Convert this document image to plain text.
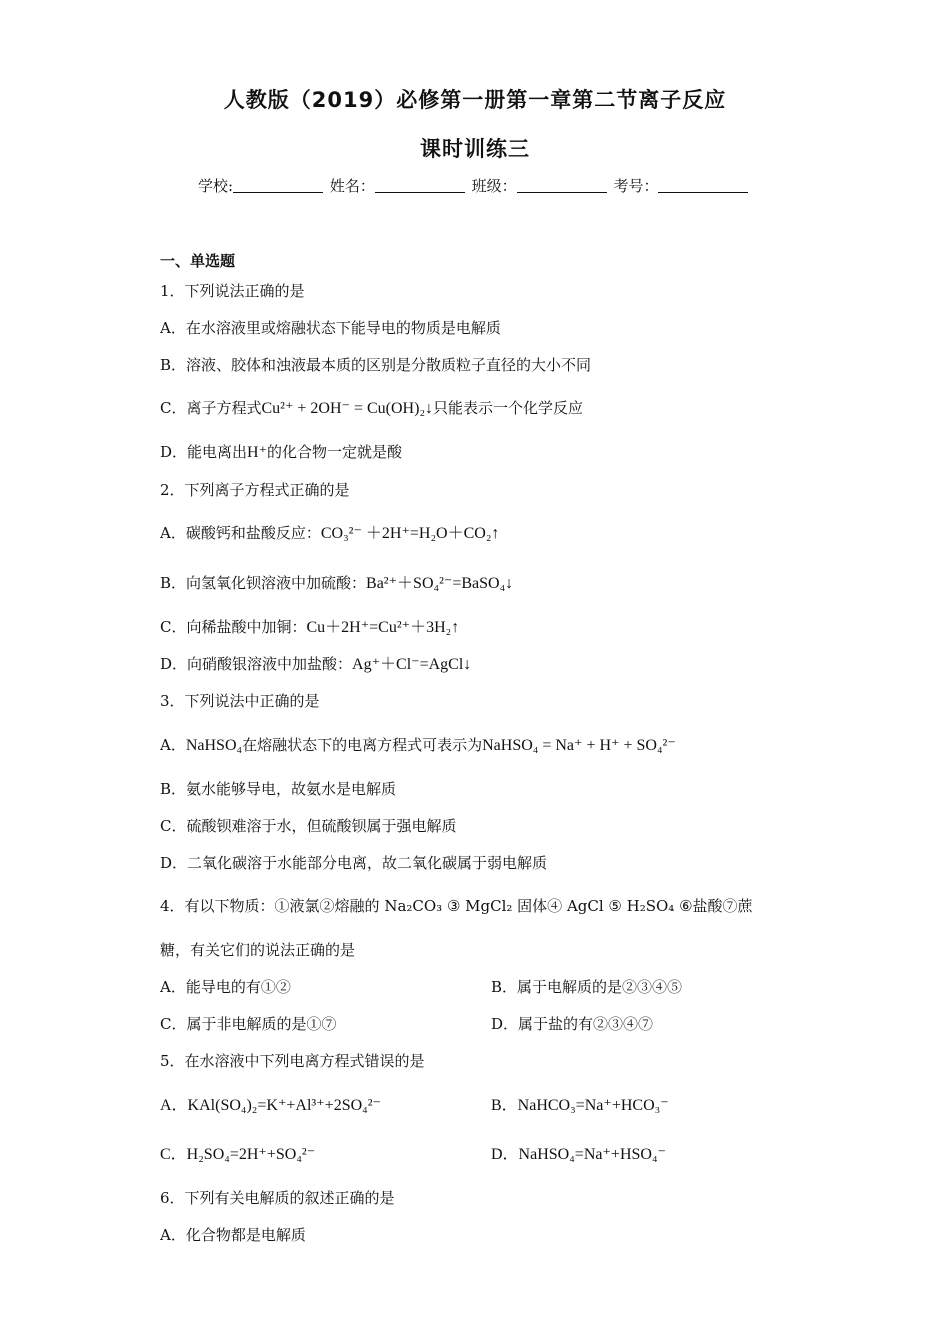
人教版（2019）必修第一册第一章第二节离子反应
课时训练三
学校:	姓名：	班级：	考号：
一、单选题
1．下列说法正确的是
A．在水溶液里或熔融状态下能导电的物质是电解质
B．溶液、胶体和浊液最本质的区别是分散质粒子直径的大小不同
C．离子方程式Cu²⁺ + 2OH⁻ = Cu(OH)₂↓只能表示一个化学反应
D．能电离出H⁺的化合物一定就是酸
2．下列离子方程式正确的是
A．碳酸钙和盐酸反应：CO₃²⁻ ＋2H⁺=H₂O＋CO₂↑
B．向氢氧化钡溶液中加硫酸：Ba²⁺＋SO₄²⁻=BaSO₄↓
C．向稀盐酸中加铜：Cu＋2H⁺=Cu²⁺＋3H₂↑
D．向硝酸银溶液中加盐酸：Ag⁺＋Cl⁻=AgCl↓
3．下列说法中正确的是
A．NaHSO₄在熔融状态下的电离方程式可表示为NaHSO₄ = Na⁺ + H⁺ + SO₄²⁻
B．氨水能够导电，故氨水是电解质
C．硫酸钡难溶于水，但硫酸钡属于强电解质
D．二氧化碳溶于水能部分电离，故二氧化碳属于弱电解质
4．有以下物质：①液氯②熔融的 Na₂CO₃ ③ MgCl₂ 固体④ AgCl ⑤ H₂SO₄ ⑥盐酸⑦蔗
糖，有关它们的说法正确的是
A．能导电的有①②	B．属于电解质的是②③④⑤
C．属于非电解质的是①⑦	D．属于盐的有②③④⑦
5．在水溶液中下列电离方程式错误的是
A．KAl(SO₄)₂=K⁺+Al³⁺+2SO₄²⁻	B．NaHCO₃=Na⁺+HCO₃⁻
C．H₂SO₄=2H⁺+SO₄²⁻	D．NaHSO₄=Na⁺+HSO₄⁻
6．下列有关电解质的叙述正确的是
A．化合物都是电解质
